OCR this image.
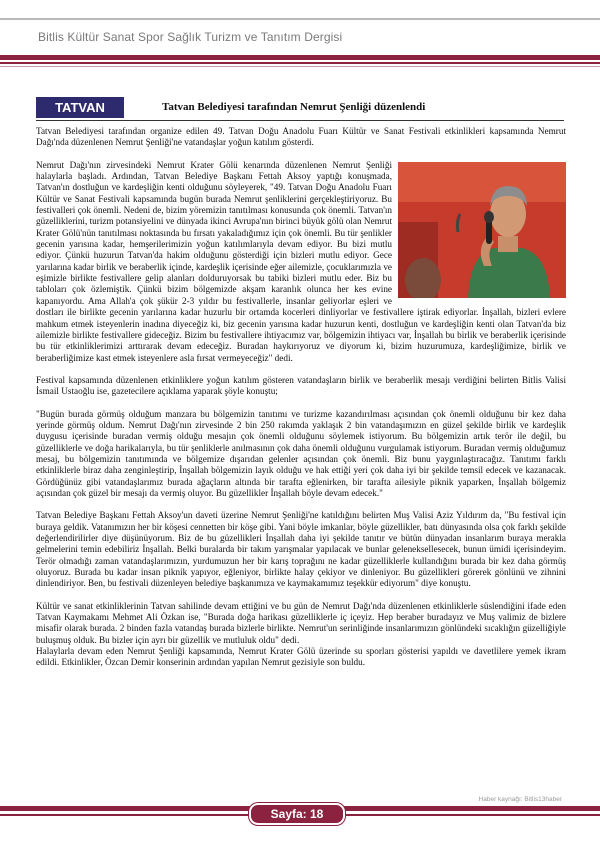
Bitlis Kültür Sanat Spor Sağlık Turizm ve Tanıtım Dergisi
TATVAN	Tatvan Belediyesi tarafından Nemrut Şenliği düzenlendi

Tatvan Belediyesi tarafından organize edilen 49. Tatvan Doğu Anadolu Fuarı Kültür ve Sanat Festivali etkinlikleri kapsamında Nemrut Dağı'nda düzenlenen Nemrut Şenliği'ne vatandaşlar yoğun katılım gösterdi.

Nemrut Dağı'nın zirvesindeki Nemrut Krater Gölü kenarında düzenlenen Nemrut Şenliği halaylarla başladı. Ardından, Tatvan Belediye Başkanı Fettah Aksoy yaptığı konuşmada, Tatvan'ın dostluğun ve kardeşliğin kenti olduğunu söyleyerek, "49. Tatvan Doğu Anadolu Fuarı Kültür ve Sanat Festivali kapsamında bugün burada Nemrut şenliklerini gerçekleştiriyoruz. Bu festivalleri çok önemli. Nedeni de, bizim yöremizin tanıtılması konusunda çok önemli. Tatvan'ın güzelliklerini, turizm potansiyelini ve dünyada ikinci Avrupa'nın birinci büyük gölü olan Nemrut Krater Gölü'nün tanıtılması noktasında bu fırsatı yakaladığımız için çok önemli. Bu tür şenlikler gecenin yarısına kadar, hemşerilerimizin yoğun katılımlarıyla devam ediyor. Bu bizi mutlu ediyor. Çünkü huzurun Tatvan'da hakim olduğunu gösterdiği için bizleri mutlu ediyor. Gece yarılarına kadar birlik ve beraberlik içinde, kardeşlik içerisinde eğer ailemizle, çocuklarımızla ve eşimizle birlikte festivallere gelip alanları dolduruyorsak bu tabiki bizleri mutlu eder. Biz bu tabloları çok özlemiştik. Çünkü bizim bölgemizde akşam karanlık olunca her kes evine kapanıyordu. Ama Allah'a çok şükür 2-3 yıldır bu festivallerle, insanlar geliyorlar eşleri ve dostları ile birlikte gecenin yarılarına kadar huzurlu bir ortamda kocerleri dinliyorlar ve festivallere iştirak ediyorlar. İnşallah, bizleri evlere mahkum etmek isteyenlerin inadına diyeceğiz ki, biz gecenin yarısına kadar huzurun kenti, dostluğun ve kardeşliğin kenti olan Tatvan'da biz ailemizle birlikte festivallere gideceğiz. Bizim bu festivallere ihtiyacımız var, bölgemizin ihtiyacı var, İnşallah bu birlik ve beraberlik içerisinde bu tür etkinliklerimizi arttırarak devam edeceğiz. Buradan haykırıyoruz ve diyorum ki, bizim huzurumuza, kardeşliğimize, birlik ve beraberliğimize kast etmek isteyenlere asla fırsat vermeyeceğiz" dedi.

Festival kapsamında düzenlenen etkinliklere yoğun katılım gösteren vatandaşların birlik ve beraberlik mesajı verdiğini belirten Bitlis Valisi İsmail Ustaoğlu ise, gazetecilere açıklama yaparak şöyle konuştu;

"Bugün burada görmüş olduğum manzara bu bölgemizin tanıtımı ve turizme kazandırılması açısından çok önemli olduğunu bir kez daha yerinde görmüş oldum. Nemrut Dağı'nın zirvesinde 2 bin 250 rakımda yaklaşık 2 bin vatandaşımızın en güzel şekilde birlik ve kardeşlik duygusu içerisinde buradan vermiş olduğu mesajın çok önemli olduğunu söylemek istiyorum. Bu bölgemizin artık terör ile değil, bu güzelliklerle ve doğa harikalarıyla, bu tür şenliklerle anılmasının çok daha önemli olduğunu vurgulamak istiyorum. Buradan vermiş olduğumuz mesaj, bu bölgemizin tanıtımında ve bölgemize dışarıdan gelenler açısından çok önemli. Biz bunu yaygınlaştıracağız. Tanıtımı farklı etkinliklerle biraz daha zenginleştirip, İnşallah bölgemizin layık olduğu ve hak ettiği yeri çok daha iyi bir şekilde temsil edecek ve kazanacak. Gördüğünüz gibi vatandaşlarımız burada ağaçların altında bir tarafta eğlenirken, bir tarafta ailesiyle piknik yaparken, İnşallah bölgemiz açısından çok güzel bir mesajı da vermiş oluyor. Bu güzellikler İnşallah böyle devam edecek."

Tatvan Belediye Başkanı Fettah Aksoy'un daveti üzerine Nemrut Şenliği'ne katıldığını belirten Muş Valisi Aziz Yıldırım da, "Bu festival için buraya geldik. Vatanımızın her bir köşesi cennetten bir köşe gibi. Yani böyle imkanlar, böyle güzellikler, batı dünyasında olsa çok farklı şekilde değerlendirilirler diye düşünüyorum. Biz de bu güzellikleri İnşallah daha iyi şekilde tanıtır ve bütün dünyadan insanlarım buraya merakla gelmelerini temin edebiliriz İnşallah. Belki buralarda bir takım yarışmalar yapılacak ve bunlar geleneksellesecek, bunun ümidi içerisindeyim. Terör olmadığı zaman vatandaşlarımızın, yurdumuzun her bir karış toprağını ne kadar güzelliklerle kullandığını burada bir kez daha görmüş oluyoruz. Burada bu kadar insan piknik yapıyor, eğleniyor, birlikte halay çekiyor ve dinleniyor. Bu güzellikleri görerek gönlünü ve zihnini dinlendiriyor. Ben, bu festivali düzenleyen belediye başkanımıza ve kaymakamımız teşekkür ediyorum" diye konuştu.

Kültür ve sanat etkinliklerinin Tatvan sahilinde devam ettiğini ve bu gün de Nemrut Dağı'nda düzenlenen etkinliklerle süslendiğini ifade eden Tatvan Kaymakamı Mehmet Ali Özkan ise, "Burada doğa harikası güzelliklerle iç içeyiz. Hep beraber buradayız ve Muş valimiz de bizlere misafir olarak burada. 2 binden fazla vatandaş burada bizlerle birlikte. Nemrut'un serinliğinde insanlarımızın gönlündeki sıcaklığın güzelliğiyle buluşmuş olduk. Bu bizler için ayrı bir güzellik ve mutluluk oldu" dedi.
Halaylarla devam eden Nemrut Şenliği kapsamında, Nemrut Krater Gölü üzerinde su sporları gösterisi yapıldı ve davetlilere yemek ikram edildi. Etkinlikler, Özcan Demir konserinin ardından yapılan Nemrut gezisiyle son buldu.

Haber kaynağı: Bitlis13haber
Sayfa: 18
